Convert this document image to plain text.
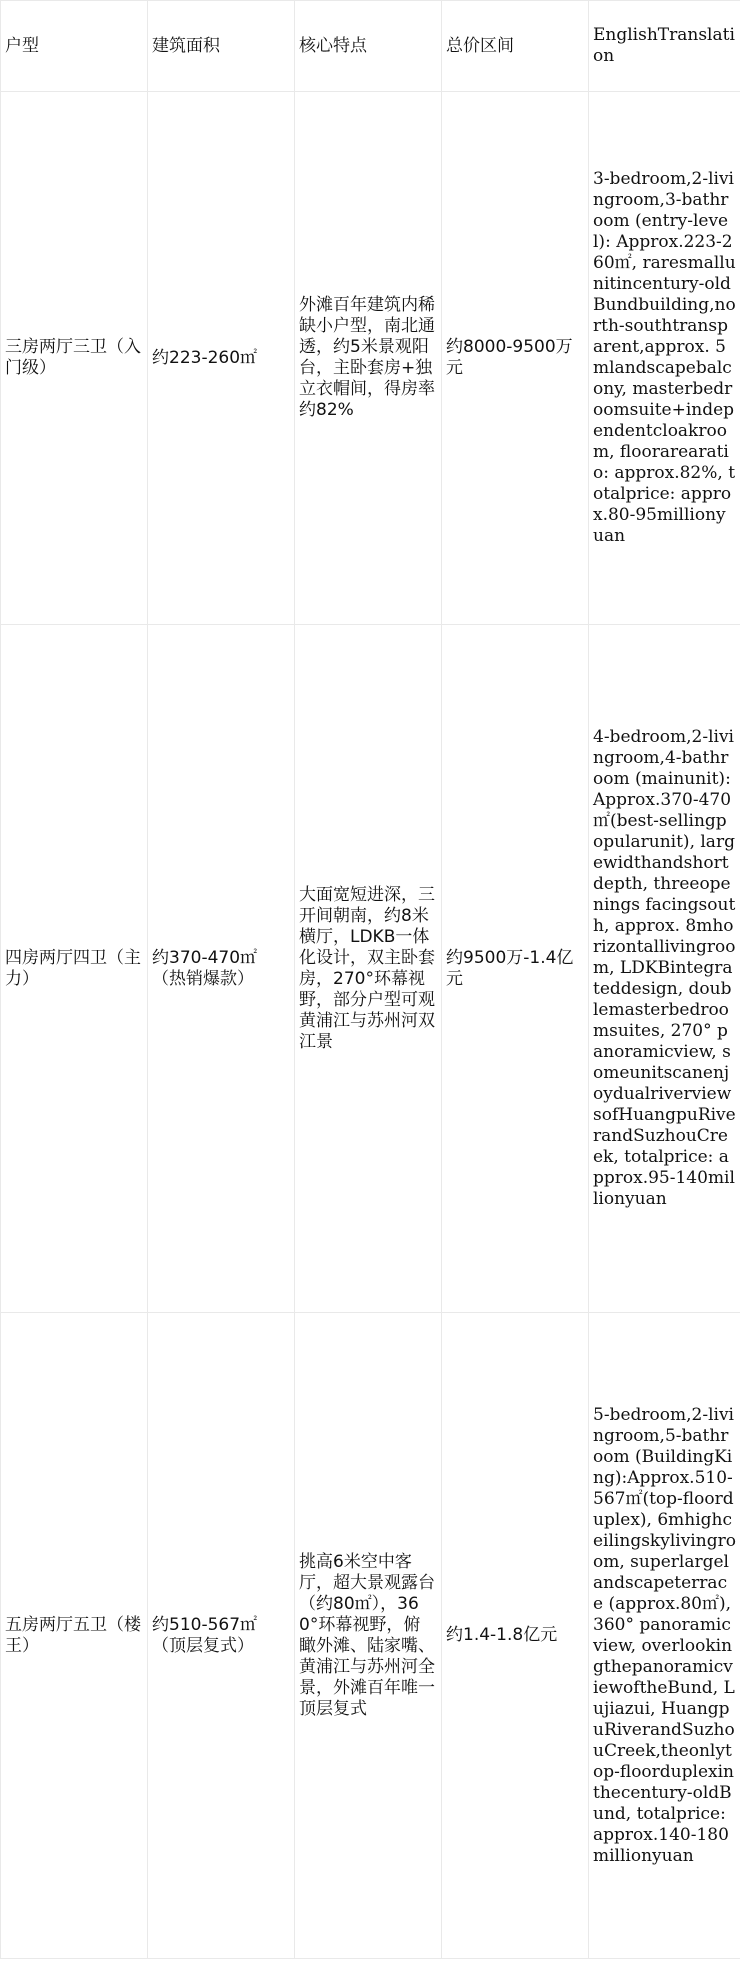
户型	建筑面积	核心特点	总价区间	EnglishTranslation
三房两厅三卫（入门级）	约223-260㎡	外滩百年建筑内稀缺小户型，南北通透，约5米景观阳台，主卧套房+独立衣帽间，得房率约82%	约8000-9500万元	3-bedroom,2-livingroom,3-bathroom (entry-level): Approx.223-260㎡, raresmallunitincentury-oldBundbuilding,north-southtransparent,approx. 5mlandscapebalcony, masterbedroomsuite+independentcloakroom, floorarearatio: approx.82%, totalprice: approx.80-95millionyuan
四房两厅四卫（主力）	约370-470㎡（热销爆款）	大面宽短进深，三开间朝南，约8米横厅，LDKB一体化设计，双主卧套房，270°环幕视野，部分户型可观黄浦江与苏州河双江景	约9500万-1.4亿元	4-bedroom,2-livingroom,4-bathroom (mainunit): Approx.370-470㎡(best-sellingpopularunit), largewidthandshortdepth, threeopenings facingsouth, approx. 8mhorizontallivingroom, LDKBintegrateddesign, doublemasterbedroomsuites, 270° panoramicview, someunitscanenjoydualriverviewsofHuangpuRiverandSuzhouCreek, totalprice: approx.95-140millionyuan
五房两厅五卫（楼王）	约510-567㎡（顶层复式）	挑高6米空中客厅，超大景观露台（约80㎡），360°环幕视野，俯瞰外滩、陆家嘴、黄浦江与苏州河全景，外滩百年唯一顶层复式	约1.4-1.8亿元	5-bedroom,2-livingroom,5-bathroom (BuildingKing):Approx.510-567㎡(top-floorduplex), 6mhighceilingskylivingroom, superlargelandscapeterrace (approx.80㎡), 360° panoramicview, overlookingthepanoramicviewoftheBund, Lujiazui, HuangpuRiverandSuzhouCreek,theonlytop-floorduplexinthecentury-oldBund, totalprice: approx.140-180millionyuan
